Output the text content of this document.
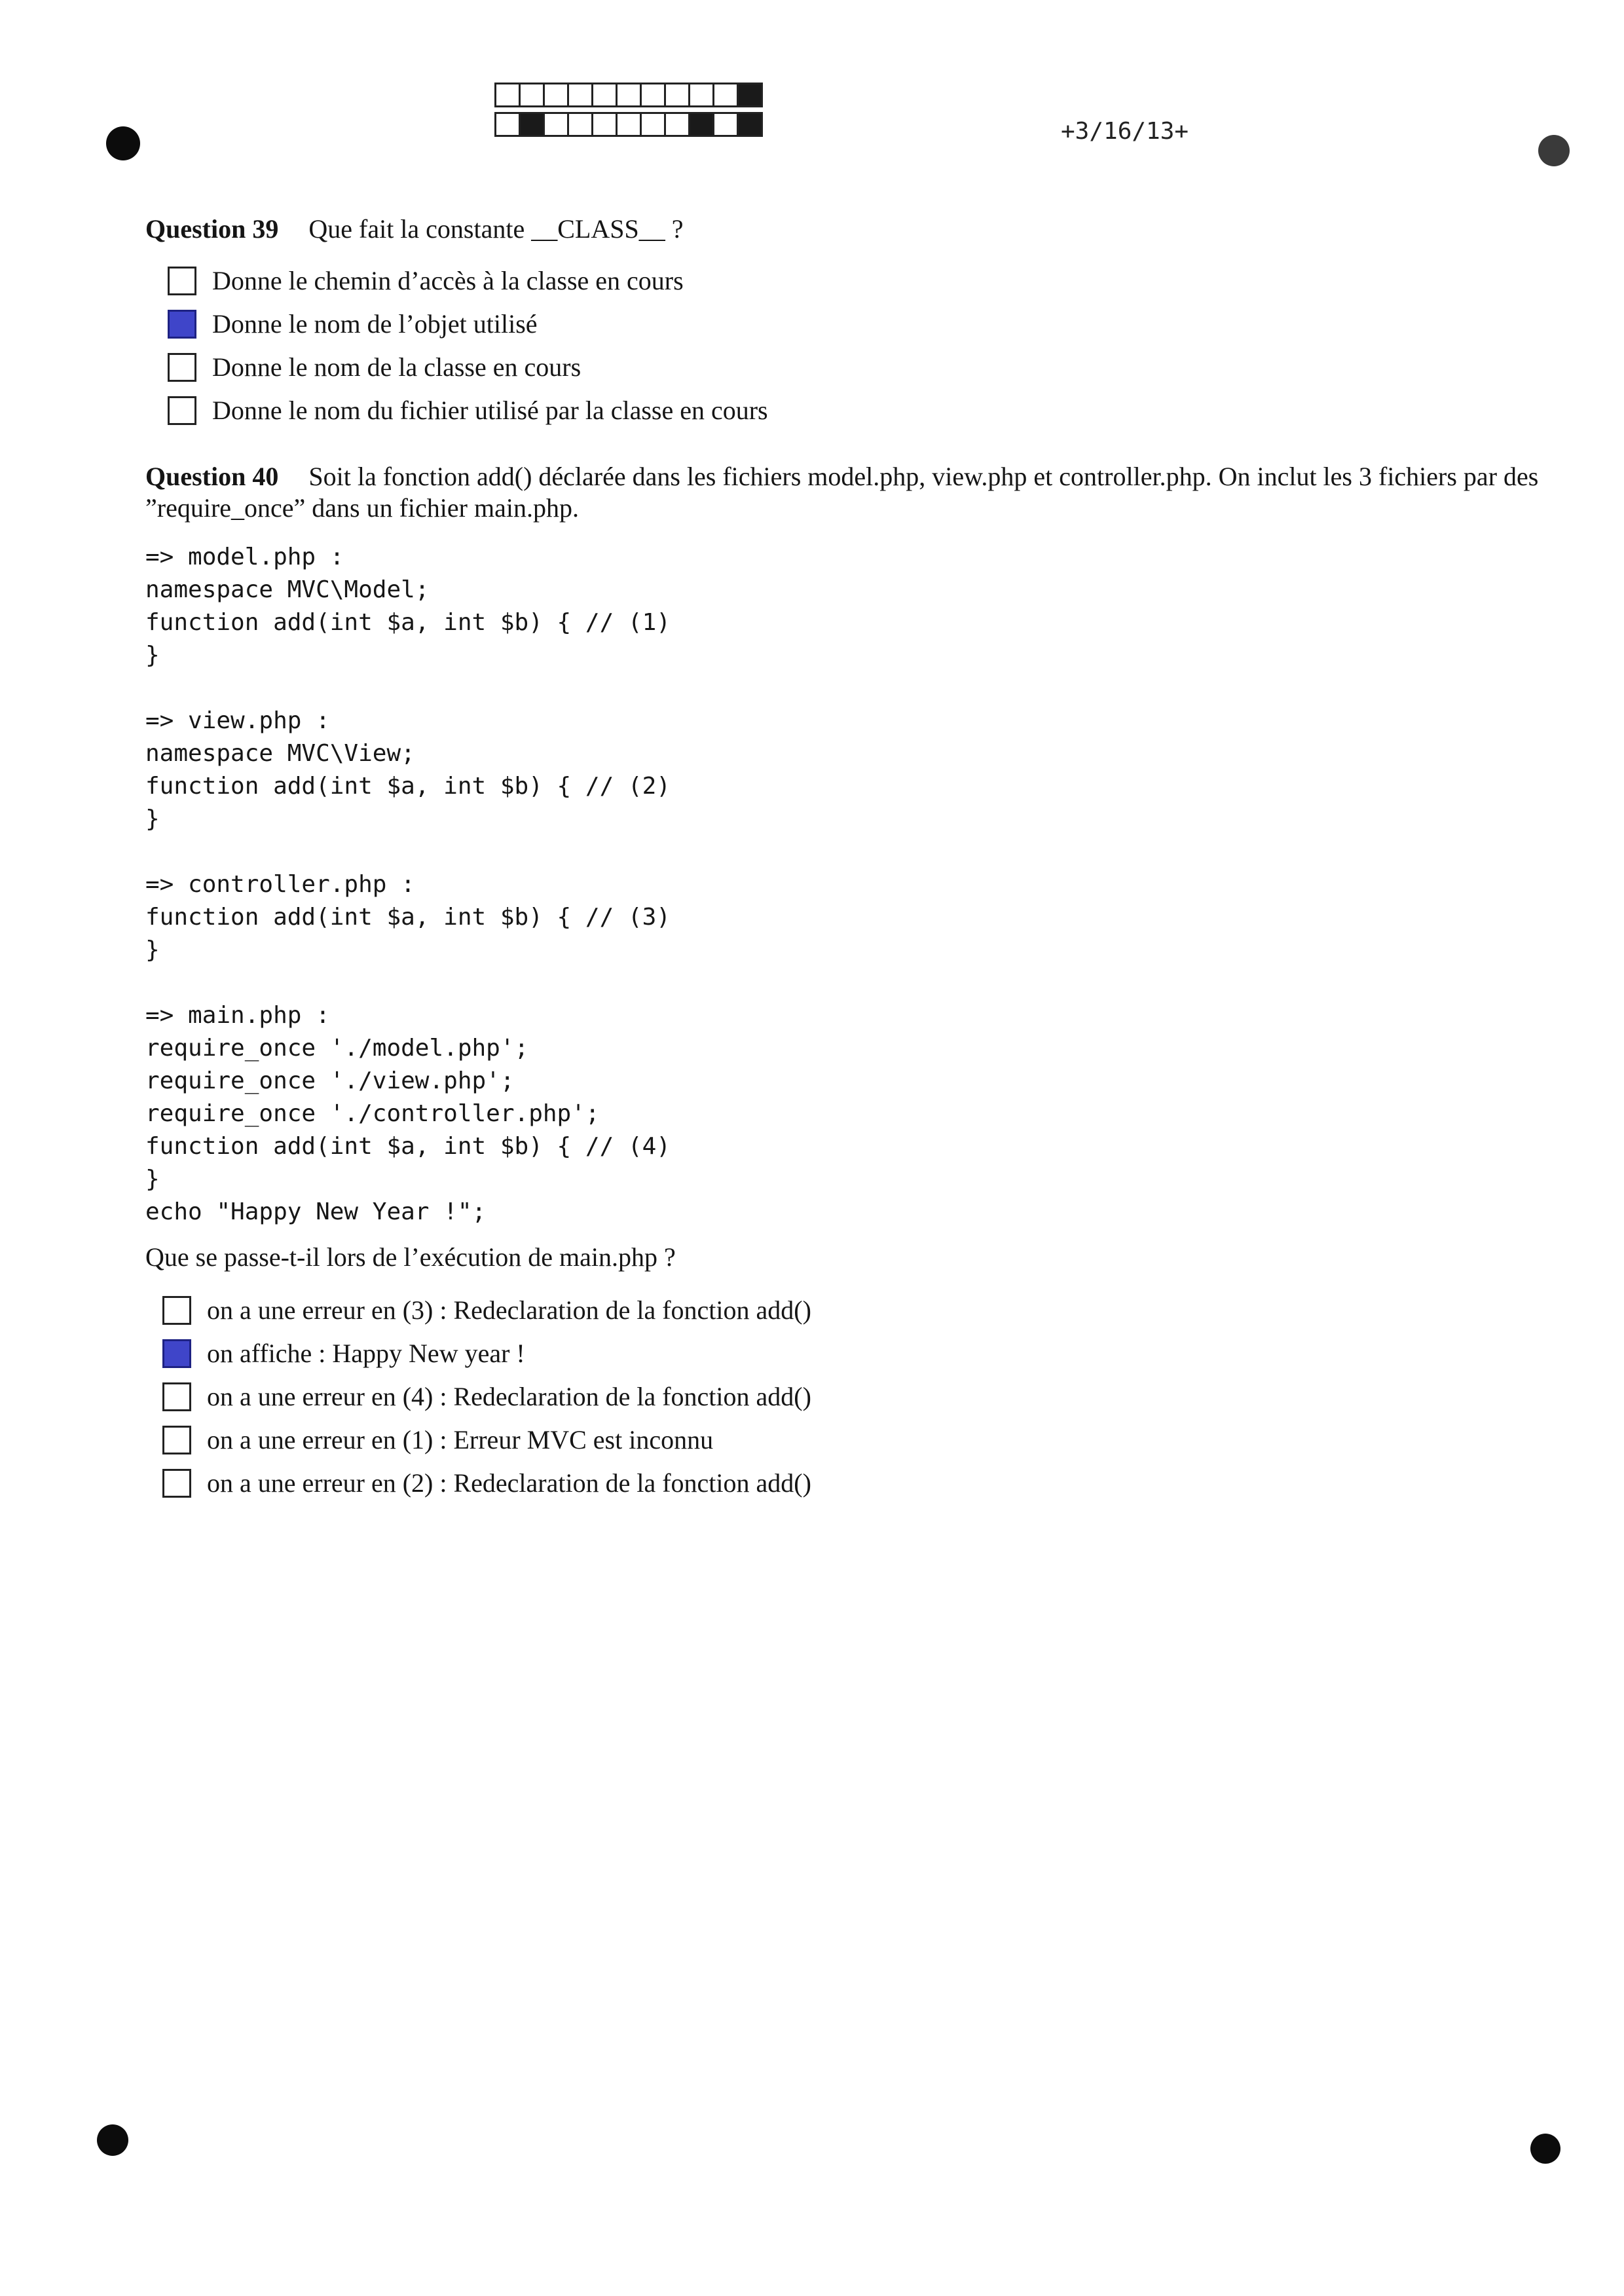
+3/16/13+
Question 39 Que fait la constante __CLASS__ ?
Donne le chemin d’accès à la classe en cours
Donne le nom de l’objet utilisé
Donne le nom de la classe en cours
Donne le nom du fichier utilisé par la classe en cours
Question 40 Soit la fonction add() déclarée dans les fichiers model.php, view.php et controller.php. On inclut les 3 fichiers par des ”require_once” dans un fichier main.php.
=> model.php :
namespace MVC\Model;
function add(int $a, int $b) { // (1)
}

=> view.php :
namespace MVC\View;
function add(int $a, int $b) { // (2)
}

=> controller.php :
function add(int $a, int $b) { // (3)
}

=> main.php :
require_once './model.php';
require_once './view.php';
require_once './controller.php';
function add(int $a, int $b) { // (4)
}
echo "Happy New Year !";
Que se passe-t-il lors de l’exécution de main.php ?
on a une erreur en (3) : Redeclaration de la fonction add()
on affiche : Happy New year !
on a une erreur en (4) : Redeclaration de la fonction add()
on a une erreur en (1) : Erreur MVC est inconnu
on a une erreur en (2) : Redeclaration de la fonction add()
